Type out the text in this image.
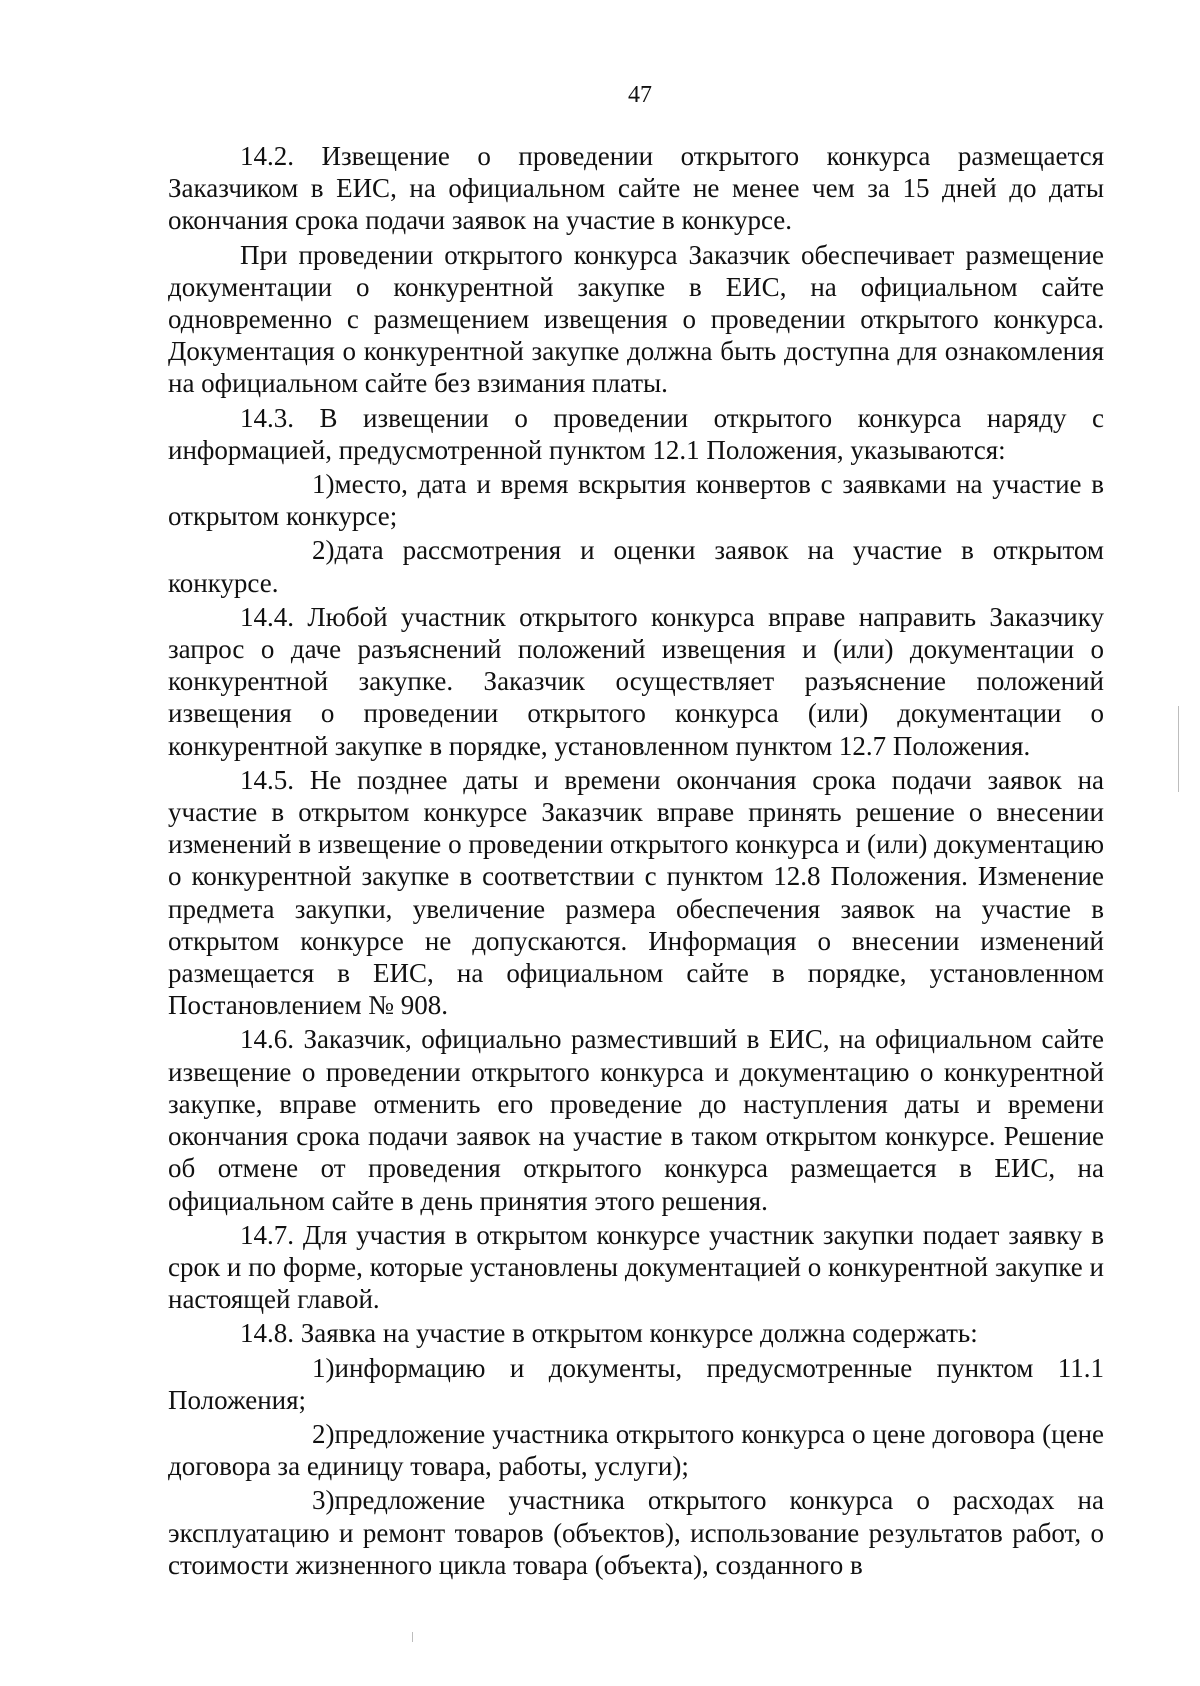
47

14.2. Извещение о проведении открытого конкурса размещается Заказчиком в ЕИС, на официальном сайте не менее чем за 15 дней до даты окончания срока подачи заявок на участие в конкурсе.

При проведении открытого конкурса Заказчик обеспечивает размещение документации о конкурентной закупке в ЕИС, на официальном сайте одновременно с размещением извещения о проведении открытого конкурса. Документация о конкурентной закупке должна быть доступна для ознакомления на официальном сайте без взимания платы.

14.3. В извещении о проведении открытого конкурса наряду с информацией, предусмотренной пунктом 12.1 Положения, указываются:

1)место, дата и время вскрытия конвертов с заявками на участие в открытом конкурсе;

2)дата рассмотрения и оценки заявок на участие в открытом конкурсе.

14.4. Любой участник открытого конкурса вправе направить Заказчику запрос о даче разъяснений положений извещения и (или) документации о конкурентной закупке. Заказчик осуществляет разъяснение положений извещения о проведении открытого конкурса (или) документации о конкурентной закупке в порядке, установленном пунктом 12.7 Положения.

14.5. Не позднее даты и времени окончания срока подачи заявок на участие в открытом конкурсе Заказчик вправе принять решение о внесении изменений в извещение о проведении открытого конкурса и (или) документацию о конкурентной закупке в соответствии с пунктом 12.8 Положения. Изменение предмета закупки, увеличение размера обеспечения заявок на участие в открытом конкурсе не допускаются. Информация о внесении изменений размещается в ЕИС, на официальном сайте в порядке, установленном Постановлением № 908.

14.6. Заказчик, официально разместивший в ЕИС, на официальном сайте извещение о проведении открытого конкурса и документацию о конкурентной закупке, вправе отменить его проведение до наступления даты и времени окончания срока подачи заявок на участие в таком открытом конкурсе. Решение об отмене от проведения открытого конкурса размещается в ЕИС, на официальном сайте в день принятия этого решения.

14.7. Для участия в открытом конкурсе участник закупки подает заявку в срок и по форме, которые установлены документацией о конкурентной закупке и настоящей главой.

14.8. Заявка на участие в открытом конкурсе должна содержать:

1)информацию и документы, предусмотренные пунктом 11.1 Положения;

2)предложение участника открытого конкурса о цене договора (цене договора за единицу товара, работы, услуги);

3)предложение участника открытого конкурса о расходах на эксплуатацию и ремонт товаров (объектов), использование результатов работ, о стоимости жизненного цикла товара (объекта), созданного в
